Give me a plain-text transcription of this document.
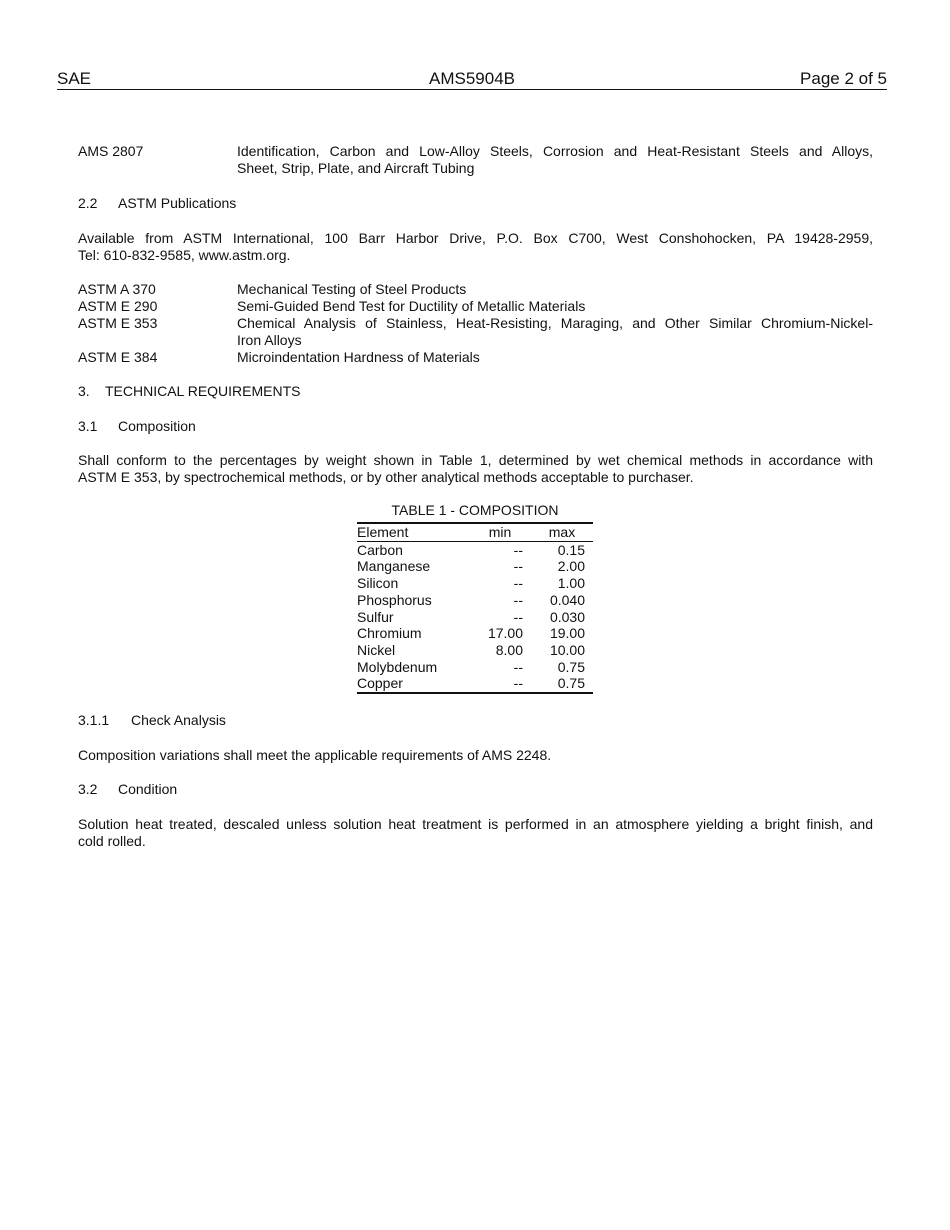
SAE	AMS5904B	Page 2 of 5
AMS 2807	Identification, Carbon and Low-Alloy Steels, Corrosion and Heat-Resistant Steels and Alloys,
Sheet, Strip, Plate, and Aircraft Tubing
2.2 ASTM Publications
Available from ASTM International, 100 Barr Harbor Drive, P.O. Box C700, West Conshohocken, PA 19428-2959,
Tel: 610-832-9585, www.astm.org.
ASTM A 370	Mechanical Testing of Steel Products
ASTM E 290	Semi-Guided Bend Test for Ductility of Metallic Materials
ASTM E 353	Chemical Analysis of Stainless, Heat-Resisting, Maraging, and Other Similar Chromium-Nickel-
Iron Alloys
ASTM E 384	Microindentation Hardness of Materials
3. TECHNICAL REQUIREMENTS
3.1 Composition
Shall conform to the percentages by weight shown in Table 1, determined by wet chemical methods in accordance with
ASTM E 353, by spectrochemical methods, or by other analytical methods acceptable to purchaser.
TABLE 1 - COMPOSITION
Element	min	max
Carbon	--	0.15
Manganese	--	2.00
Silicon	--	1.00
Phosphorus	--	0.040
Sulfur	--	0.030
Chromium	17.00	19.00
Nickel	8.00	10.00
Molybdenum	--	0.75
Copper	--	0.75
3.1.1 Check Analysis
Composition variations shall meet the applicable requirements of AMS 2248.
3.2 Condition
Solution heat treated, descaled unless solution heat treatment is performed in an atmosphere yielding a bright finish, and
cold rolled.
